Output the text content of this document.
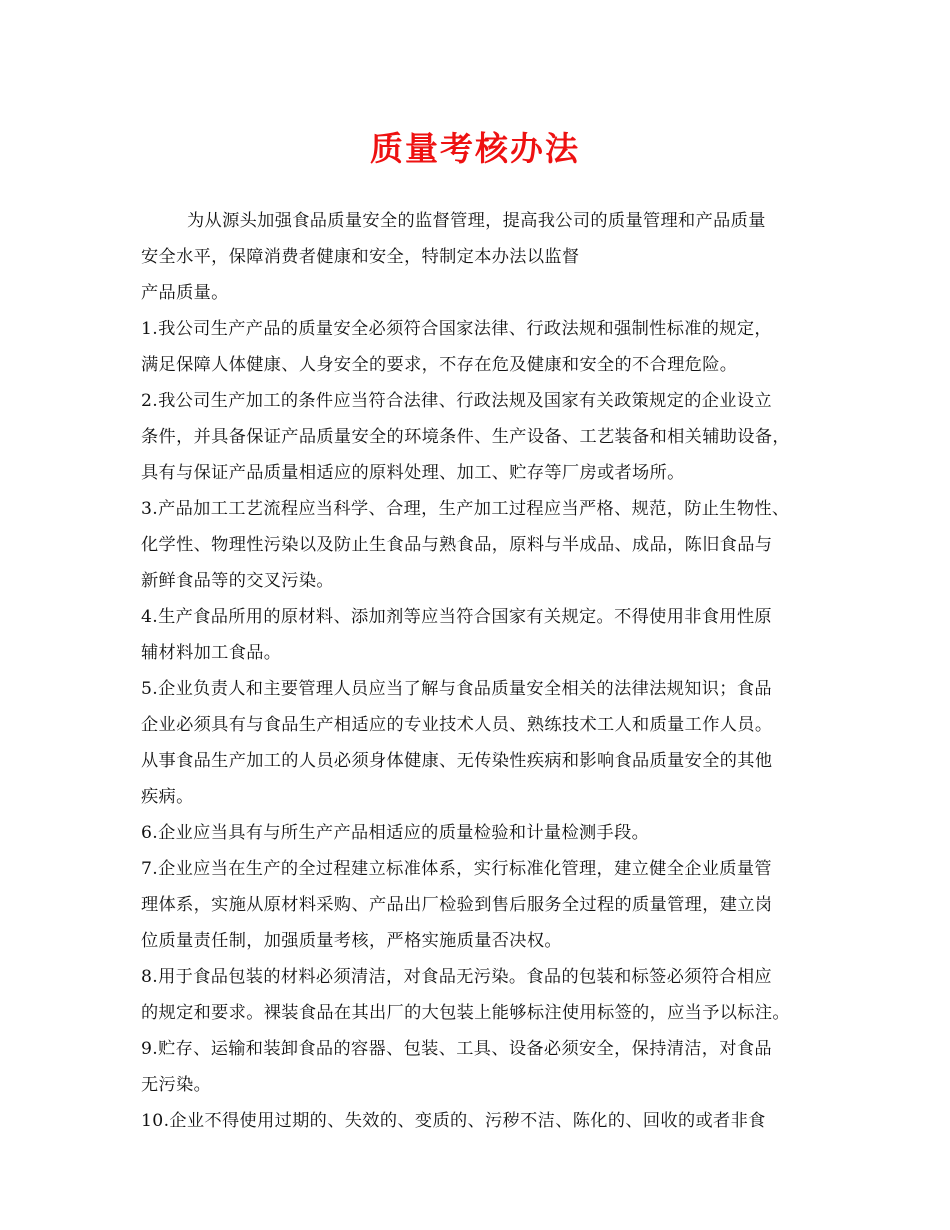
质量考核办法
为从源头加强食品质量安全的监督管理，提高我公司的质量管理和产品质量
安全水平，保障消费者健康和安全，特制定本办法以监督
产品质量。
1.我公司生产产品的质量安全必须符合国家法律、行政法规和强制性标准的规定，
满足保障人体健康、人身安全的要求，不存在危及健康和安全的不合理危险。
2.我公司生产加工的条件应当符合法律、行政法规及国家有关政策规定的企业设立
条件，并具备保证产品质量安全的环境条件、生产设备、工艺装备和相关辅助设备，
具有与保证产品质量相适应的原料处理、加工、贮存等厂房或者场所。
3.产品加工工艺流程应当科学、合理，生产加工过程应当严格、规范，防止生物性、
化学性、物理性污染以及防止生食品与熟食品，原料与半成品、成品，陈旧食品与
新鲜食品等的交叉污染。
4.生产食品所用的原材料、添加剂等应当符合国家有关规定。不得使用非食用性原
辅材料加工食品。
5.企业负责人和主要管理人员应当了解与食品质量安全相关的法律法规知识；食品
企业必须具有与食品生产相适应的专业技术人员、熟练技术工人和质量工作人员。
从事食品生产加工的人员必须身体健康、无传染性疾病和影响食品质量安全的其他
疾病。
6.企业应当具有与所生产产品相适应的质量检验和计量检测手段。
7.企业应当在生产的全过程建立标准体系，实行标准化管理，建立健全企业质量管
理体系，实施从原材料采购、产品出厂检验到售后服务全过程的质量管理，建立岗
位质量责任制，加强质量考核，严格实施质量否决权。
8.用于食品包装的材料必须清洁，对食品无污染。食品的包装和标签必须符合相应
的规定和要求。裸装食品在其出厂的大包装上能够标注使用标签的，应当予以标注。
9.贮存、运输和装卸食品的容器、包装、工具、设备必须安全，保持清洁，对食品
无污染。
10.企业不得使用过期的、失效的、变质的、污秽不洁、陈化的、回收的或者非食
